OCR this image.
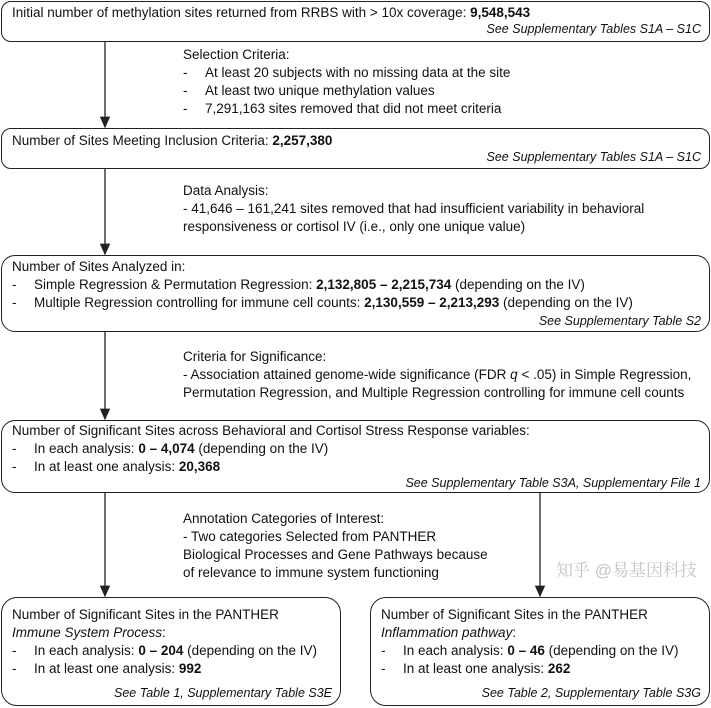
Initial number of methylation sites returned from RRBS with > 10x coverage: 9,548,543
See Supplementary Tables S1A – S1C
Selection Criteria:
- At least 20 subjects with no missing data at the site
- At least two unique methylation values
- 7,291,163 sites removed that did not meet criteria
Number of Sites Meeting Inclusion Criteria: 2,257,380
See Supplementary Tables S1A – S1C
Data Analysis:
- 41,646 – 161,241 sites removed that had insufficient variability in behavioral
responsiveness or cortisol IV (i.e., only one unique value)
Number of Sites Analyzed in:
- Simple Regression & Permutation Regression: 2,132,805 – 2,215,734 (depending on the IV)
- Multiple Regression controlling for immune cell counts: 2,130,559 – 2,213,293 (depending on the IV)
See Supplementary Table S2
Criteria for Significance:
- Association attained genome-wide significance (FDR q < .05) in Simple Regression,
Permutation Regression, and Multiple Regression controlling for immune cell counts
Number of Significant Sites across Behavioral and Cortisol Stress Response variables:
- In each analysis: 0 – 4,074 (depending on the IV)
- In at least one analysis: 20,368
See Supplementary Table S3A, Supplementary File 1
Annotation Categories of Interest:
- Two categories Selected from PANTHER
Biological Processes and Gene Pathways because
of relevance to immune system functioning
Number of Significant Sites in the PANTHER
Immune System Process:
- In each analysis: 0 – 204 (depending on the IV)
- In at least one analysis: 992
See Table 1, Supplementary Table S3E
Number of Significant Sites in the PANTHER
Inflammation pathway:
- In each analysis: 0 – 46 (depending on the IV)
- In at least one analysis: 262
See Table 2, Supplementary Table S3G
知乎 @易基因科技
